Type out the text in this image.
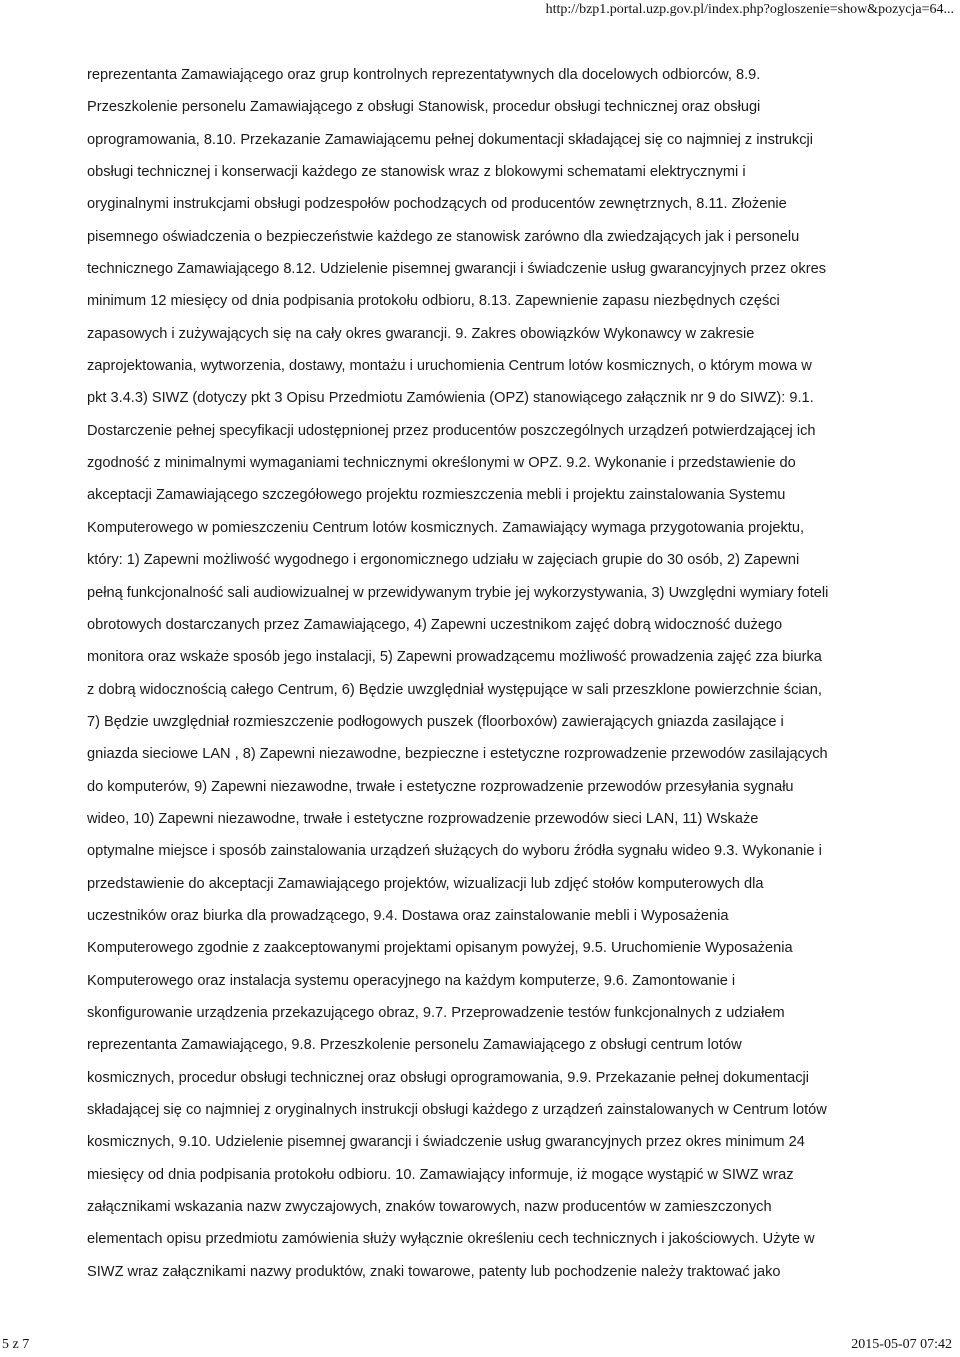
http://bzp1.portal.uzp.gov.pl/index.php?ogloszenie=show&pozycja=64...
reprezentanta Zamawiającego oraz grup kontrolnych reprezentatywnych dla docelowych odbiorców, 8.9.
Przeszkolenie personelu Zamawiającego z obsługi Stanowisk, procedur obsługi technicznej oraz obsługi
oprogramowania, 8.10. Przekazanie Zamawiającemu pełnej dokumentacji składającej się co najmniej z instrukcji
obsługi technicznej i konserwacji każdego ze stanowisk wraz z blokowymi schematami elektrycznymi i
oryginalnymi instrukcjami obsługi podzespołów pochodzących od producentów zewnętrznych, 8.11. Złożenie
pisemnego oświadczenia o bezpieczeństwie każdego ze stanowisk zarówno dla zwiedzających jak i personelu
technicznego Zamawiającego 8.12. Udzielenie pisemnej gwarancji i świadczenie usług gwarancyjnych przez okres
minimum 12 miesięcy od dnia podpisania protokołu odbioru, 8.13. Zapewnienie zapasu niezbędnych części
zapasowych i zużywających się na cały okres gwarancji. 9. Zakres obowiązków Wykonawcy w zakresie
zaprojektowania, wytworzenia, dostawy, montażu i uruchomienia Centrum lotów kosmicznych, o którym mowa w
pkt 3.4.3) SIWZ (dotyczy pkt 3 Opisu Przedmiotu Zamówienia (OPZ) stanowiącego załącznik nr 9 do SIWZ): 9.1.
Dostarczenie pełnej specyfikacji udostępnionej przez producentów poszczególnych urządzeń potwierdzającej ich
zgodność z minimalnymi wymaganiami technicznymi określonymi w OPZ. 9.2. Wykonanie i przedstawienie do
akceptacji Zamawiającego szczegółowego projektu rozmieszczenia mebli i projektu zainstalowania Systemu
Komputerowego w pomieszczeniu Centrum lotów kosmicznych. Zamawiający wymaga przygotowania projektu,
który: 1) Zapewni możliwość wygodnego i ergonomicznego udziału w zajęciach grupie do 30 osób, 2) Zapewni
pełną funkcjonalność sali audiowizualnej w przewidywanym trybie jej wykorzystywania, 3) Uwzględni wymiary foteli
obrotowych dostarczanych przez Zamawiającego, 4) Zapewni uczestnikom zajęć dobrą widoczność dużego
monitora oraz wskaże sposób jego instalacji, 5) Zapewni prowadzącemu możliwość prowadzenia zajęć zza biurka
z dobrą widocznością całego Centrum, 6) Będzie uwzględniał występujące w sali przeszklone powierzchnie ścian,
7) Będzie uwzględniał rozmieszczenie podłogowych puszek (floorboxów) zawierających gniazda zasilające i
gniazda sieciowe LAN , 8) Zapewni niezawodne, bezpieczne i estetyczne rozprowadzenie przewodów zasilających
do komputerów, 9) Zapewni niezawodne, trwałe i estetyczne rozprowadzenie przewodów przesyłania sygnału
wideo, 10) Zapewni niezawodne, trwałe i estetyczne rozprowadzenie przewodów sieci LAN, 11) Wskaże
optymalne miejsce i sposób zainstalowania urządzeń służących do wyboru źródła sygnału wideo 9.3. Wykonanie i
przedstawienie do akceptacji Zamawiającego projektów, wizualizacji lub zdjęć stołów komputerowych dla
uczestników oraz biurka dla prowadzącego, 9.4. Dostawa oraz zainstalowanie mebli i Wyposażenia
Komputerowego zgodnie z zaakceptowanymi projektami opisanym powyżej, 9.5. Uruchomienie Wyposażenia
Komputerowego oraz instalacja systemu operacyjnego na każdym komputerze, 9.6. Zamontowanie i
skonfigurowanie urządzenia przekazującego obraz, 9.7. Przeprowadzenie testów funkcjonalnych z udziałem
reprezentanta Zamawiającego, 9.8. Przeszkolenie personelu Zamawiającego z obsługi centrum lotów
kosmicznych, procedur obsługi technicznej oraz obsługi oprogramowania, 9.9. Przekazanie pełnej dokumentacji
składającej się co najmniej z oryginalnych instrukcji obsługi każdego z urządzeń zainstalowanych w Centrum lotów
kosmicznych, 9.10. Udzielenie pisemnej gwarancji i świadczenie usług gwarancyjnych przez okres minimum 24
miesięcy od dnia podpisania protokołu odbioru. 10. Zamawiający informuje, iż mogące wystąpić w SIWZ wraz
załącznikami wskazania nazw zwyczajowych, znaków towarowych, nazw producentów w zamieszczonych
elementach opisu przedmiotu zamówienia służy wyłącznie określeniu cech technicznych i jakościowych. Użyte w
SIWZ wraz załącznikami nazwy produktów, znaki towarowe, patenty lub pochodzenie należy traktować jako
5 z 7	2015-05-07 07:42
